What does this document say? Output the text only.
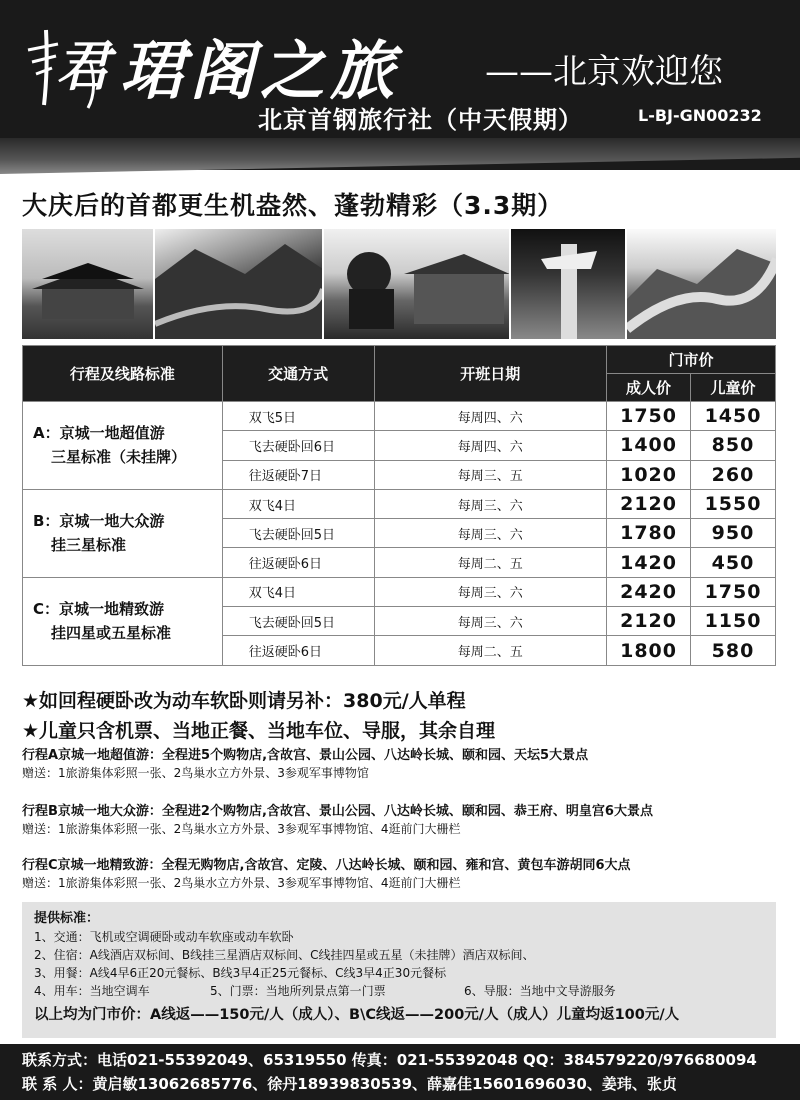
君 珺阁之旅	——北京欢迎您
北京首钢旅行社（中天假期）	L-BJ-GN00232
大庆后的首都更生机盎然、蓬勃精彩（3.3期）
行程及线路标准	交通方式	开班日期	门市价	
			成人价	儿童价

A：京城一地超值游
三星标准（未挂牌）	双飞5日	每周四、六	1750	1450
	飞去硬卧回6日	每周四、六	1400	850
	往返硬卧7日	每周三、五	1020	260

B：京城一地大众游
挂三星标准	双飞4日	每周三、六	2120	1550
	飞去硬卧回5日	每周三、六	1780	950
	往返硬卧6日	每周二、五	1420	450

C：京城一地精致游
挂四星或五星标准	双飞4日	每周三、六	2420	1750
	飞去硬卧回5日	每周三、六	2120	1150
	往返硬卧6日	每周二、五	1800	580
★如回程硬卧改为动车软卧则请另补：380元/人单程
★儿童只含机票、当地正餐、当地车位、导服，其余自理
行程A京城一地超值游：全程进5个购物店,含故宫、景山公园、八达岭长城、颐和园、天坛5大景点
赠送：1旅游集体彩照一张、2鸟巢水立方外景、3参观军事博物馆
行程B京城一地大众游：全程进2个购物店,含故宫、景山公园、八达岭长城、颐和园、恭王府、明皇宫6大景点
赠送：1旅游集体彩照一张、2鸟巢水立方外景、3参观军事博物馆、4逛前门大栅栏
行程C京城一地精致游：全程无购物店,含故宫、定陵、八达岭长城、颐和园、雍和宫、黄包车游胡同6大点
赠送：1旅游集体彩照一张、2鸟巢水立方外景、3参观军事博物馆、4逛前门大栅栏
提供标准：
1、交通：飞机或空调硬卧或动车软座或动车软卧
2、住宿：A线酒店双标间、B线挂三星酒店双标间、C线挂四星或五星（未挂牌）酒店双标间、
3、用餐：A线4早6正20元餐标、B线3早4正25元餐标、C线3早4正30元餐标
4、用车：当地空调车	5、门票：当地所列景点第一门票	6、导服：当地中文导游服务
以上均为门市价：A线返——150元/人（成人）、B\C线返——200元/人（成人）儿童均返100元/人
联系方式：电话021-55392049、65319550 传真：021-55392048 QQ：384579220/976680094
联 系 人：黄启敏13062685776、徐丹18939830539、薛嘉佳15601696030、姜玮、张贞
